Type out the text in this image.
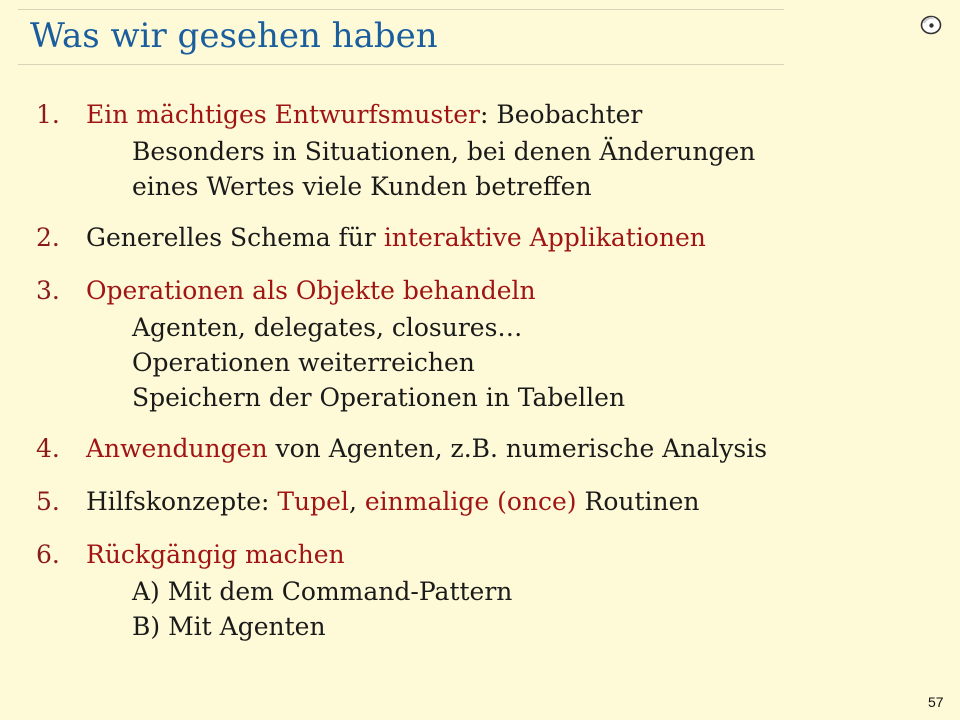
Was wir gesehen haben
1.	Ein mächtiges Entwurfsmuster: Beobachter
Besonders in Situationen, bei denen Änderungen
eines Wertes viele Kunden betreffen
2.	Generelles Schema für interaktive Applikationen
3.	Operationen als Objekte behandeln
Agenten, delegates, closures…
Operationen weiterreichen
Speichern der Operationen in Tabellen
4.	Anwendungen von Agenten, z.B. numerische Analysis
5.	Hilfskonzepte: Tupel, einmalige (once) Routinen
6.	Rückgängig machen
A) Mit dem Command-Pattern
B) Mit Agenten
57
